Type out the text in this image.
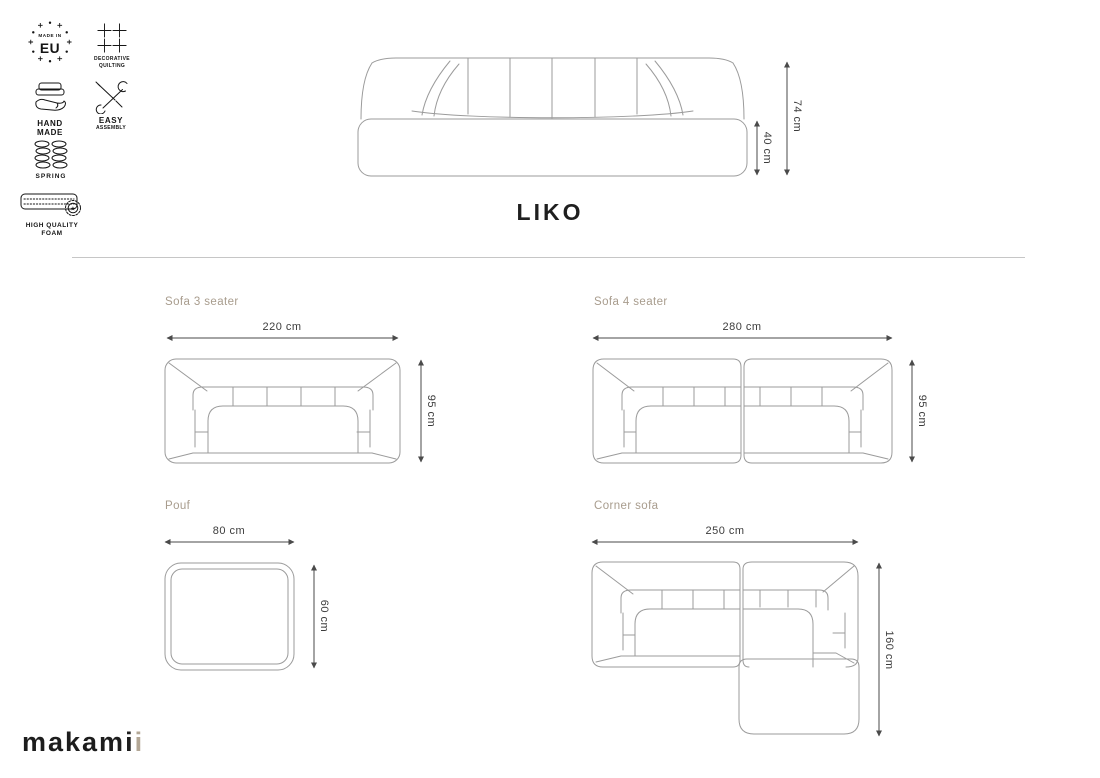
MADE IN
EU
DECORATIVE
QUILTING
HAND
MADE
EASY
ASSEMBLY
SPRING
★
HIGH QUALITY
FOAM
40 cm
74 cm
LIKO
Sofa 3 seater
220 cm
95 cm
Sofa 4 seater
280 cm
95 cm
Pouf
80 cm
60 cm
Corner sofa
250 cm
160 cm
makamii
